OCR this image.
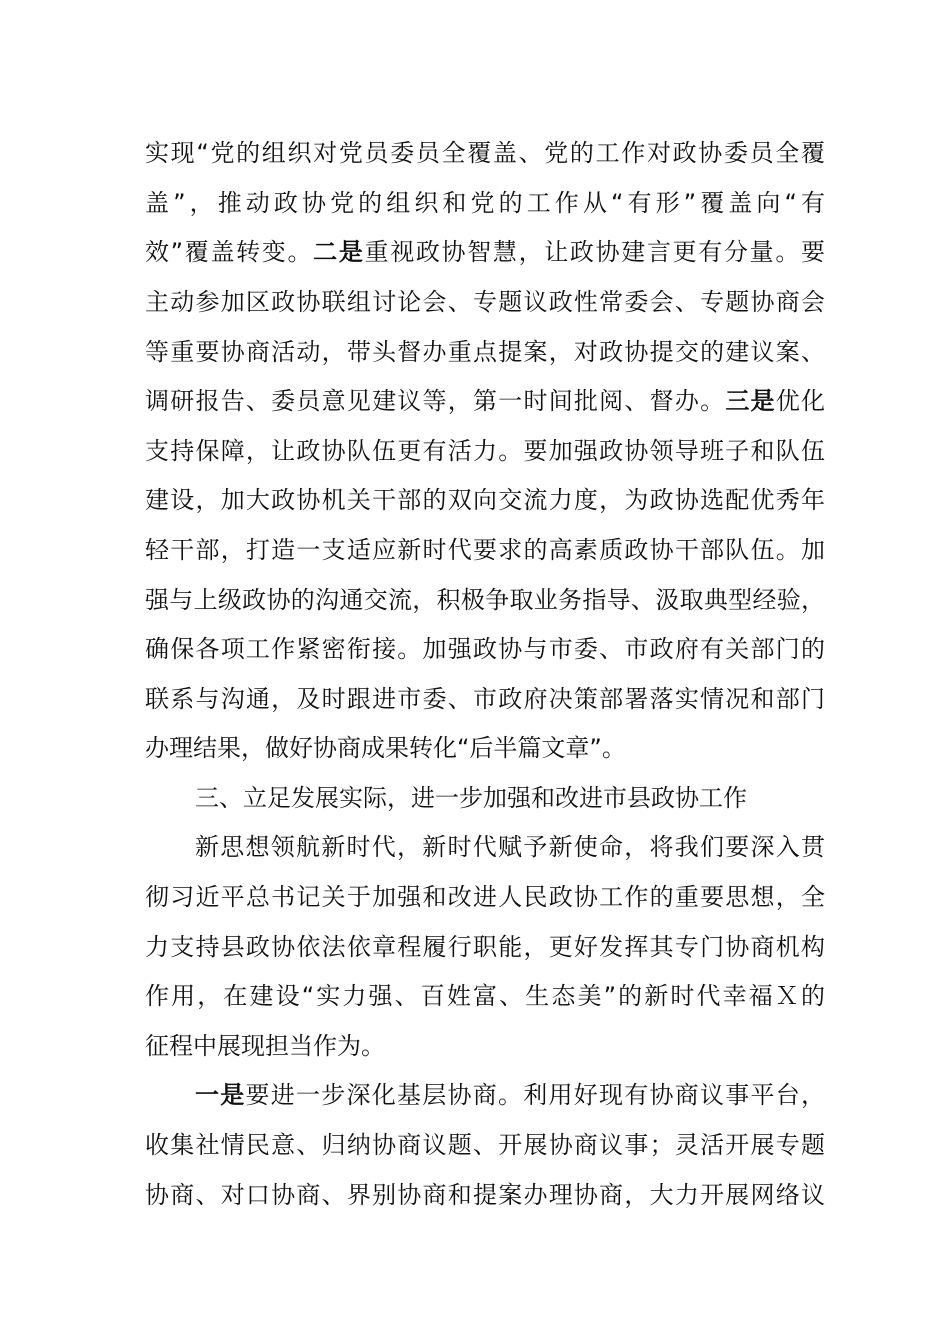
实现“党的组织对党员委员全覆盖、党的工作对政协委员全覆
盖”，推动政协党的组织和党的工作从“有形”覆盖向“有
效”覆盖转变。二是重视政协智慧，让政协建言更有分量。要
主动参加区政协联组讨论会、专题议政性常委会、专题协商会
等重要协商活动，带头督办重点提案，对政协提交的建议案、
调研报告、委员意见建议等，第一时间批阅、督办。三是优化
支持保障，让政协队伍更有活力。要加强政协领导班子和队伍
建设，加大政协机关干部的双向交流力度，为政协选配优秀年
轻干部，打造一支适应新时代要求的高素质政协干部队伍。加
强与上级政协的沟通交流，积极争取业务指导、汲取典型经验，
确保各项工作紧密衔接。加强政协与市委、市政府有关部门的
联系与沟通，及时跟进市委、市政府决策部署落实情况和部门
办理结果，做好协商成果转化“后半篇文章”。
三、立足发展实际，进一步加强和改进市县政协工作
新思想领航新时代，新时代赋予新使命，将我们要深入贯
彻习近平总书记关于加强和改进人民政协工作的重要思想，全
力支持县政协依法依章程履行职能，更好发挥其专门协商机构
作用，在建设“实力强、百姓富、生态美”的新时代幸福Ｘ的
征程中展现担当作为。
一是要进一步深化基层协商。利用好现有协商议事平台，
收集社情民意、归纳协商议题、开展协商议事；灵活开展专题
协商、对口协商、界别协商和提案办理协商，大力开展网络议
